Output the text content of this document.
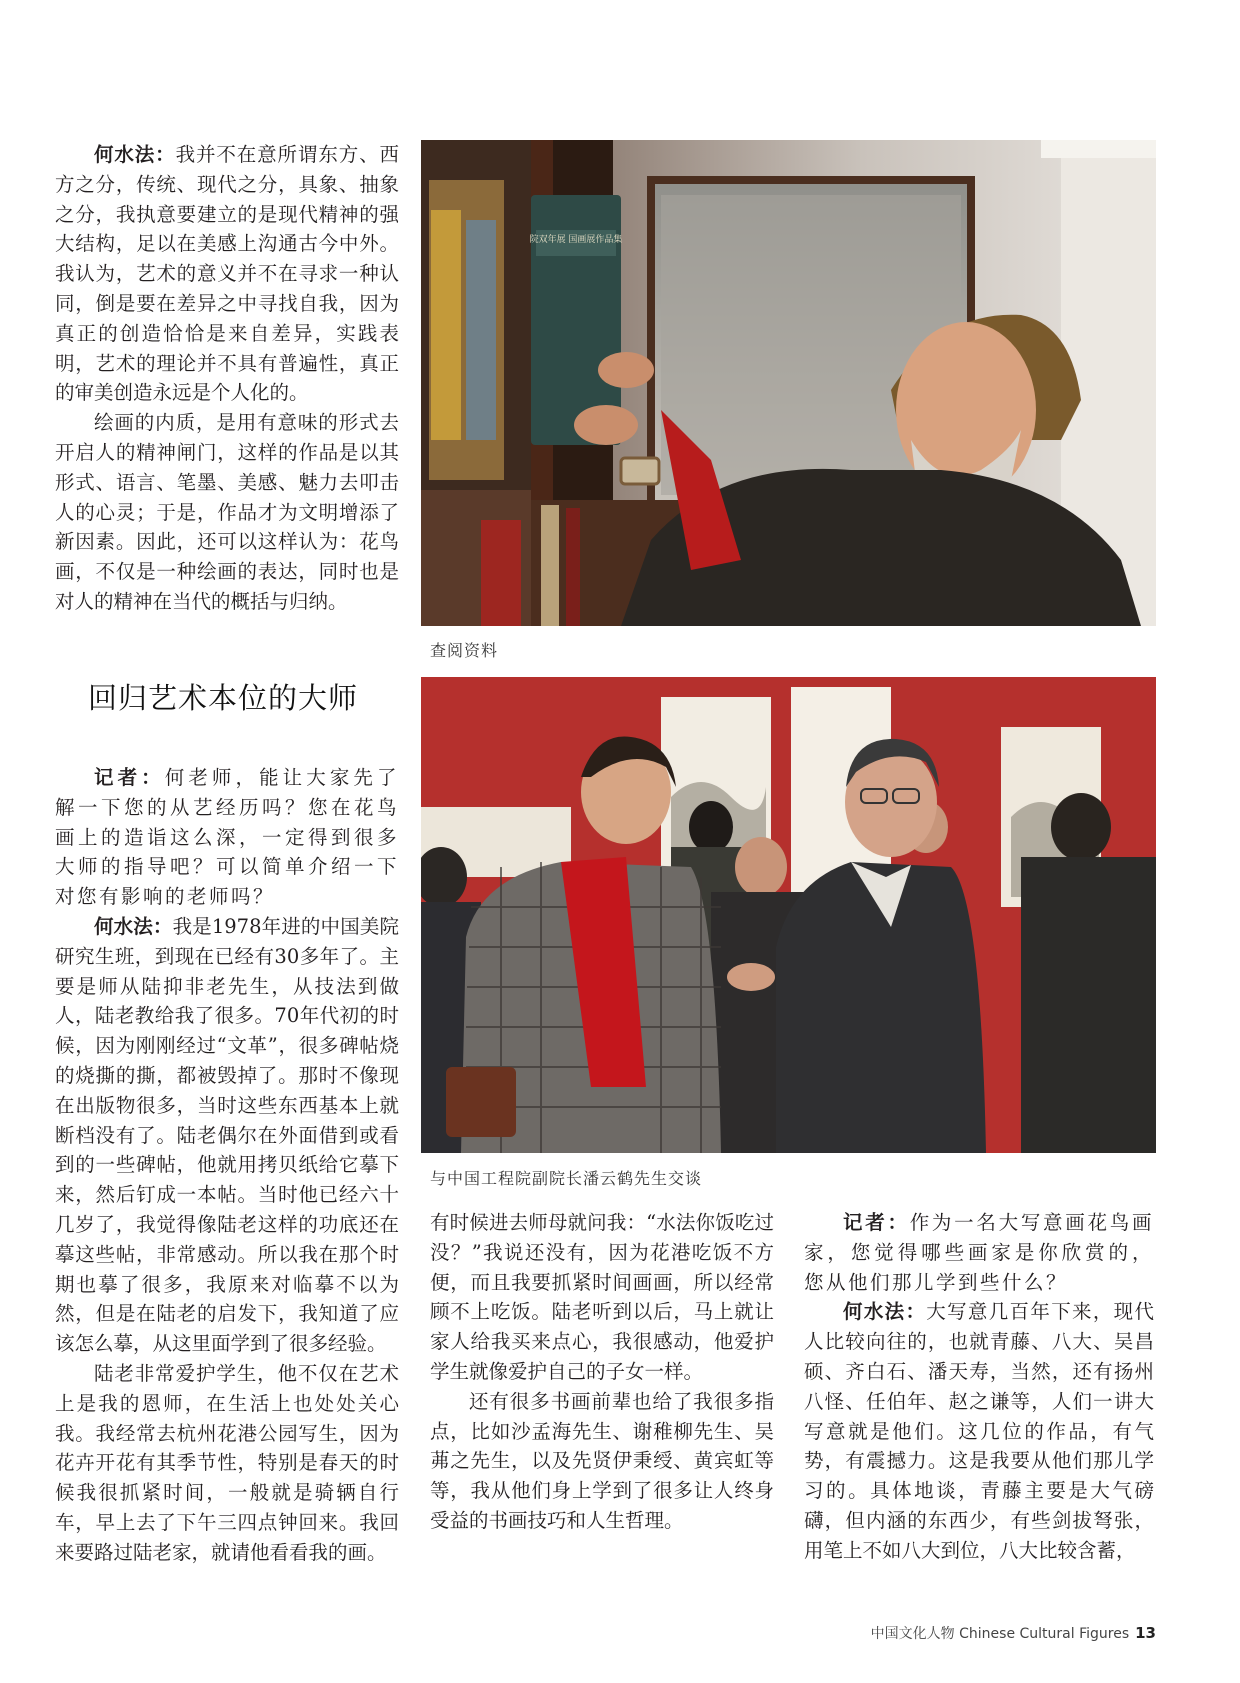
何水法：我并不在意所谓东方、西方之分，传统、现代之分，具象、抽象之分，我执意要建立的是现代精神的强大结构，足以在美感上沟通古今中外。我认为，艺术的意义并不在寻求一种认同，倒是要在差异之中寻找自我，因为真正的创造恰恰是来自差异，实践表明，艺术的理论并不具有普遍性，真正的审美创造永远是个人化的。

绘画的内质，是用有意味的形式去开启人的精神闸门，这样的作品是以其形式、语言、笔墨、美感、魅力去叩击人的心灵；于是，作品才为文明增添了新因素。因此，还可以这样认为：花鸟画，不仅是一种绘画的表达，同时也是对人的精神在当代的概括与归纳。

回归艺术本位的大师

记者：何老师，能让大家先了解一下您的从艺经历吗？您在花鸟画上的造诣这么深，一定得到很多大师的指导吧？可以简单介绍一下对您有影响的老师吗？

何水法：我是1978年进的中国美院研究生班，到现在已经有30多年了。主要是师从陆抑非老先生，从技法到做人，陆老教给我了很多。70年代初的时候，因为刚刚经过“文革”，很多碑帖烧的烧撕的撕，都被毁掉了。那时不像现在出版物很多，当时这些东西基本上就断档没有了。陆老偶尔在外面借到或看到的一些碑帖，他就用拷贝纸给它摹下来，然后钉成一本帖。当时他已经六十几岁了，我觉得像陆老这样的功底还在摹这些帖，非常感动。所以我在那个时期也摹了很多，我原来对临摹不以为然，但是在陆老的启发下，我知道了应该怎么摹，从这里面学到了很多经验。

陆老非常爱护学生，他不仅在艺术上是我的恩师，在生活上也处处关心我。我经常去杭州花港公园写生，因为花卉开花有其季节性，特别是春天的时候我很抓紧时间，一般就是骑辆自行车，早上去了下午三四点钟回来。我回来要路过陆老家，就请他看看我的画。

有时候进去师母就问我：“水法你饭吃过没？”我说还没有，因为花港吃饭不方便，而且我要抓紧时间画画，所以经常顾不上吃饭。陆老听到以后，马上就让家人给我买来点心，我很感动，他爱护学生就像爱护自己的子女一样。

还有很多书画前辈也给了我很多指点，比如沙孟海先生、谢稚柳先生、吴茀之先生，以及先贤伊秉绶、黄宾虹等等，我从他们身上学到了很多让人终身受益的书画技巧和人生哲理。

记者：作为一名大写意画花鸟画家，您觉得哪些画家是你欣赏的，您从他们那儿学到些什么？

何水法：大写意几百年下来，现代人比较向往的，也就青藤、八大、吴昌硕、齐白石、潘天寿，当然，还有扬州八怪、任伯年、赵之谦等，人们一讲大写意就是他们。这几位的作品，有气势，有震撼力。这是我要从他们那儿学习的。具体地谈，青藤主要是大气磅礴，但内涵的东西少，有些剑拔弩张，用笔上不如八大到位，八大比较含蓄，

院双年展 国画展作品集
查阅资料
与中国工程院副院长潘云鹤先生交谈
中国文化人物 Chinese Cultural Figures 13
